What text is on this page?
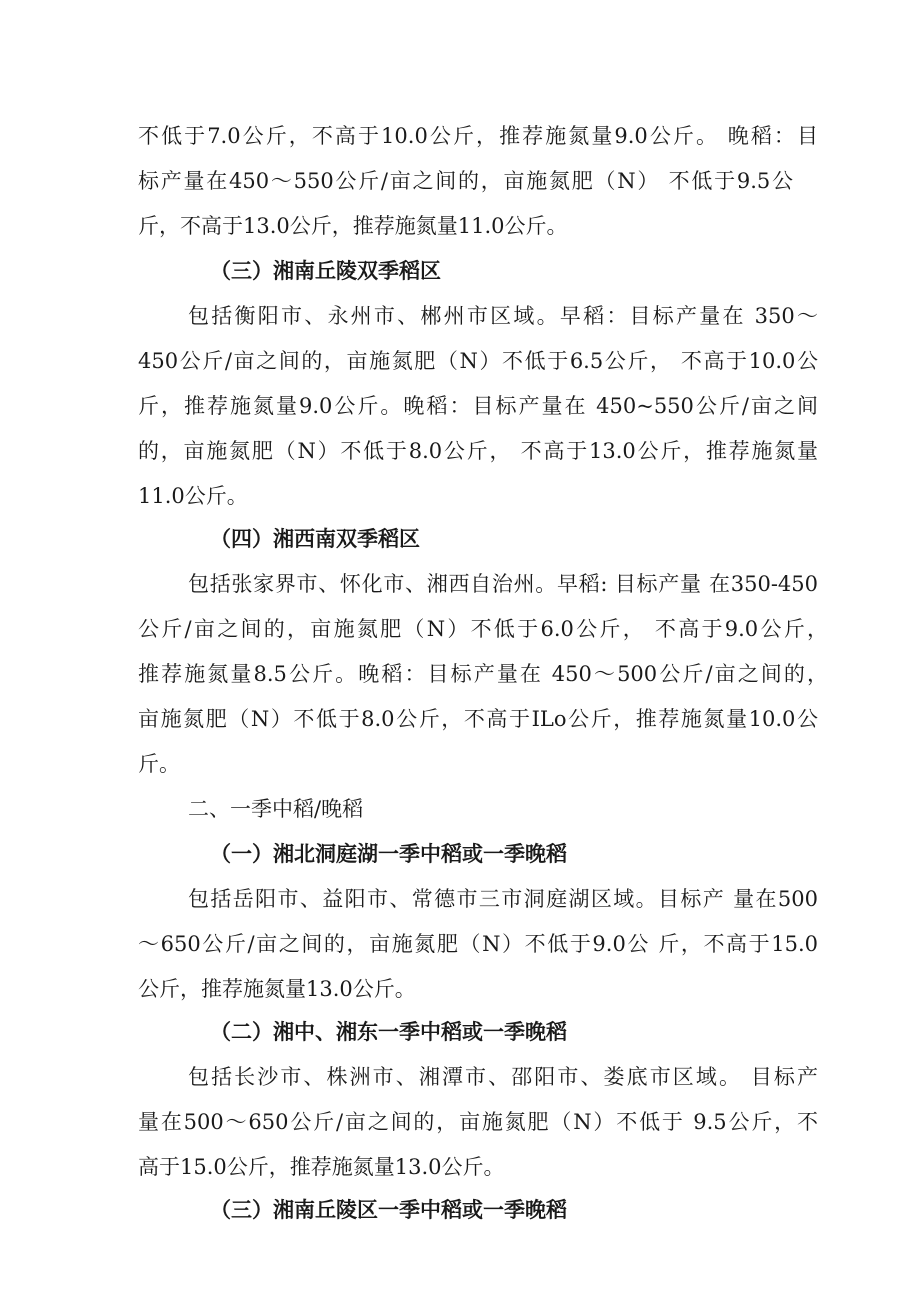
不低于7.0公斤，不高于10.0公斤，推荐施氮量9.0公斤。 晚稻：目
标产量在450～550公斤/亩之间的，亩施氮肥（N） 不低于9.5公
斤，不高于13.0公斤，推荐施氮量11.0公斤。
（三）湘南丘陵双季稻区
包括衡阳市、永州市、郴州市区域。早稻：目标产量在 350～
450公斤/亩之间的，亩施氮肥（N）不低于6.5公斤， 不高于10.0公
斤，推荐施氮量9.0公斤。晚稻：目标产量在 450~550公斤/亩之间
的，亩施氮肥（N）不低于8.0公斤， 不高于13.0公斤，推荐施氮量
11.0公斤。
（四）湘西南双季稻区
包括张家界市、怀化市、湘西自治州。早稻: 目标产量 在350-450
公斤/亩之间的，亩施氮肥（N）不低于6.0公斤， 不高于9.0公斤，
推荐施氮量8.5公斤。晚稻：目标产量在 450～500公斤/亩之间的，
亩施氮肥（N）不低于8.0公斤，不高于ILo公斤，推荐施氮量10.0公
斤。
二、一季中稻/晚稻
（一）湘北洞庭湖一季中稻或一季晚稻
包括岳阳市、益阳市、常德市三市洞庭湖区域。目标产 量在500
～650公斤/亩之间的，亩施氮肥（N）不低于9.0公 斤，不高于15.0
公斤，推荐施氮量13.0公斤。
（二）湘中、湘东一季中稻或一季晚稻
包括长沙市、株洲市、湘潭市、邵阳市、娄底市区域。 目标产
量在500～650公斤/亩之间的，亩施氮肥（N）不低于 9.5公斤，不
高于15.0公斤，推荐施氮量13.0公斤。
（三）湘南丘陵区一季中稻或一季晚稻
